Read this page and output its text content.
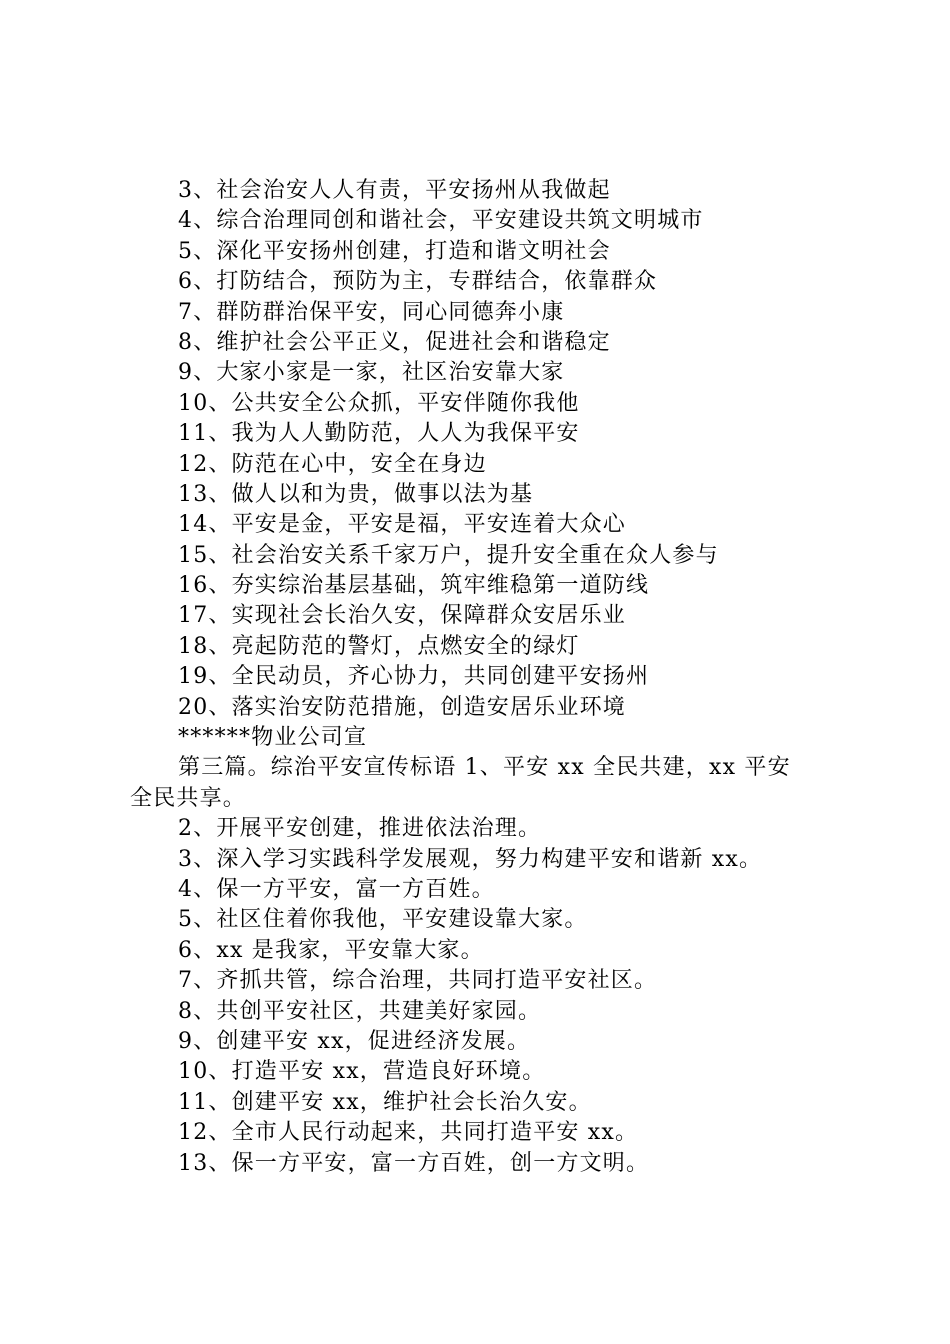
3、社会治安人人有责，平安扬州从我做起
4、综合治理同创和谐社会，平安建设共筑文明城市
5、深化平安扬州创建，打造和谐文明社会
6、打防结合，预防为主，专群结合，依靠群众
7、群防群治保平安，同心同德奔小康
8、维护社会公平正义，促进社会和谐稳定
9、大家小家是一家，社区治安靠大家
10、公共安全公众抓，平安伴随你我他
11、我为人人勤防范，人人为我保平安
12、防范在心中，安全在身边
13、做人以和为贵，做事以法为基
14、平安是金，平安是福，平安连着大众心
15、社会治安关系千家万户，提升安全重在众人参与
16、夯实综治基层基础，筑牢维稳第一道防线
17、实现社会长治久安，保障群众安居乐业
18、亮起防范的警灯，点燃安全的绿灯
19、全民动员，齐心协力，共同创建平安扬州
20、落实治安防范措施，创造安居乐业环境
******物业公司宣
第三篇。综治平安宣传标语 1、平安 xx 全民共建，xx 平安
全民共享。
2、开展平安创建，推进依法治理。
3、深入学习实践科学发展观，努力构建平安和谐新 xx。
4、保一方平安，富一方百姓。
5、社区住着你我他，平安建设靠大家。
6、xx 是我家，平安靠大家。
7、齐抓共管，综合治理，共同打造平安社区。
8、共创平安社区，共建美好家园。
9、创建平安 xx，促进经济发展。
10、打造平安 xx，营造良好环境。
11、创建平安 xx，维护社会长治久安。
12、全市人民行动起来，共同打造平安 xx。
13、保一方平安，富一方百姓，创一方文明。
